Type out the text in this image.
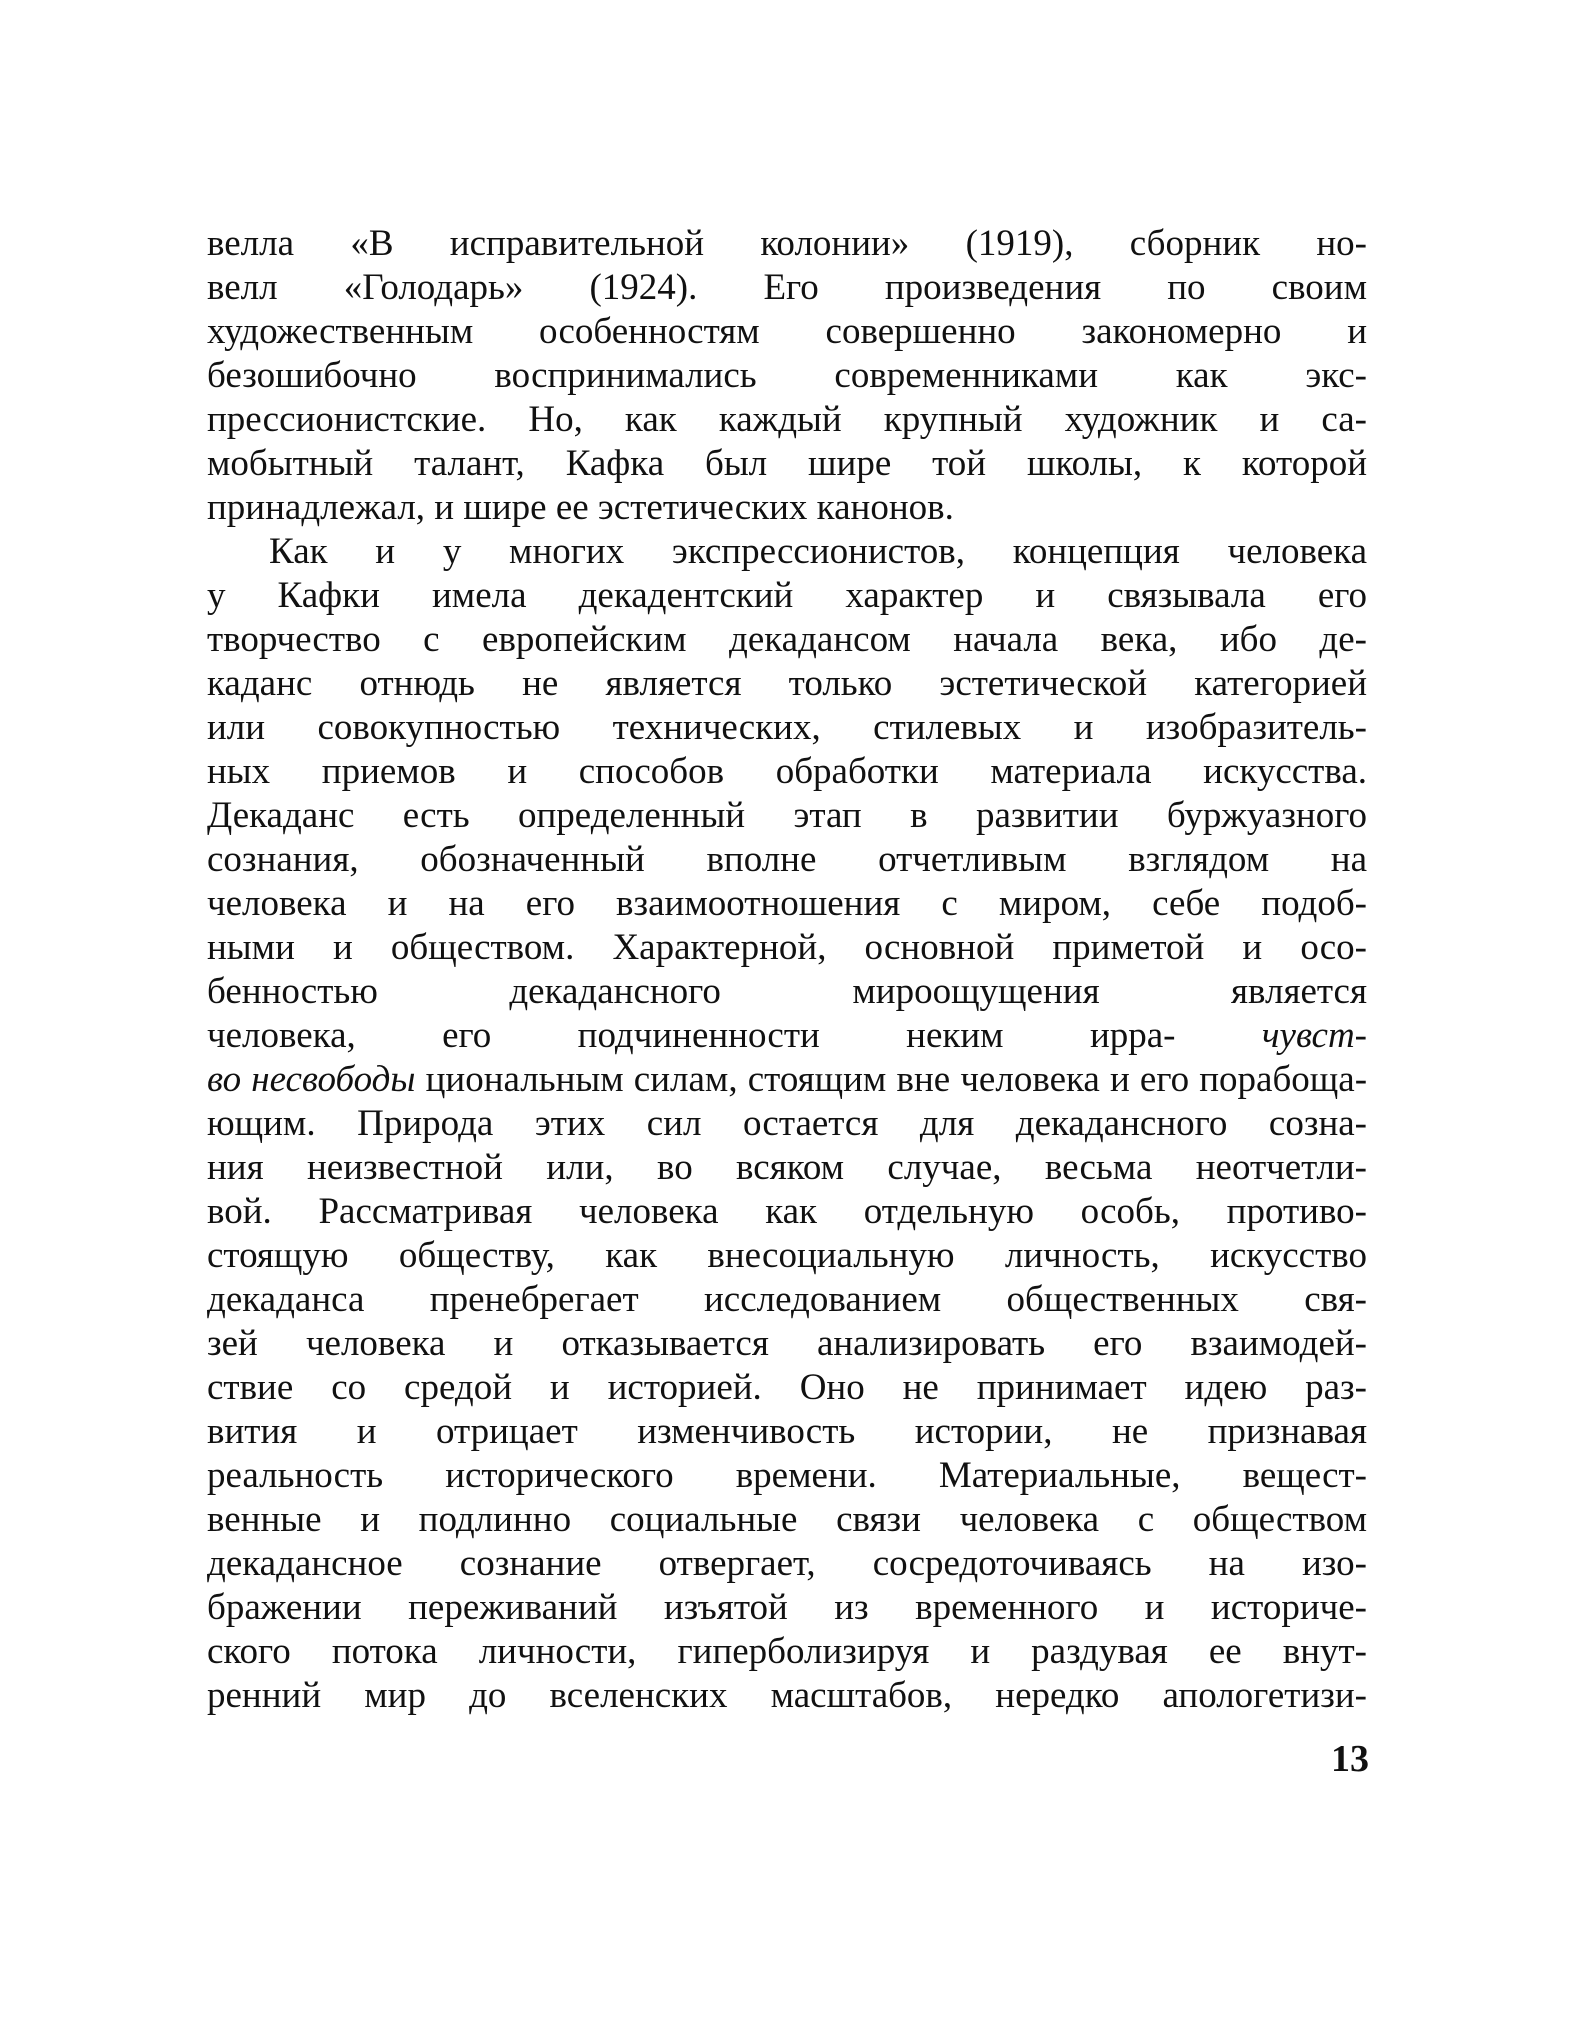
велла «В исправительной колонии» (1919), сборник но-
велл «Голодарь» (1924). Его произведения по своим
художественным особенностям совершенно закономерно и
безошибочно воспринимались современниками как экс-
прессионистские. Но, как каждый крупный художник и са-
мобытный талант, Кафка был шире той школы, к которой
принадлежал, и шире ее эстетических канонов.
Как и у многих экспрессионистов, концепция человека
у Кафки имела декадентский характер и связывала его
творчество с европейским декадансом начала века, ибо де-
каданс отнюдь не является только эстетической категорией
или совокупностью технических, стилевых и изобразитель-
ных приемов и способов обработки материала искусства.
Декаданс есть определенный этап в развитии буржуазного
сознания, обозначенный вполне отчетливым взглядом на
человека и на его взаимоотношения с миром, себе подоб-
ными и обществом. Характерной, основной приметой и осо-
бенностью декадансного мироощущения является
человека, его подчиненности неким ирра- чувст-
во несвободы циональным силам, стоящим вне человека и его порабоща-
ющим. Природа этих сил остается для декадансного созна-
ния неизвестной или, во всяком случае, весьма неотчетли-
вой. Рассматривая человека как отдельную особь, противо-
стоящую обществу, как внесоциальную личность, искусство
декаданса пренебрегает исследованием общественных свя-
зей человека и отказывается анализировать его взаимодей-
ствие со средой и историей. Оно не принимает идею раз-
вития и отрицает изменчивость истории, не признавая
реальность исторического времени. Материальные, вещест-
венные и подлинно социальные связи человека с обществом
декадансное сознание отвергает, сосредоточиваясь на изо-
бражении переживаний изъятой из временного и историче-
ского потока личности, гиперболизируя и раздувая ее внут-
ренний мир до вселенских масштабов, нередко апологетизи-
13
